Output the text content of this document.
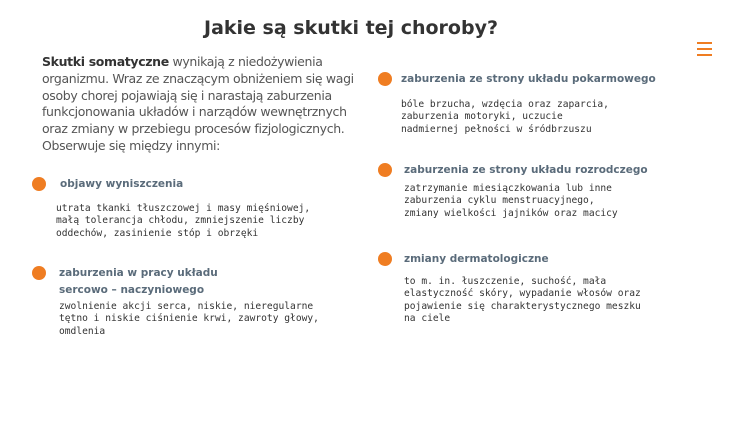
Jakie są skutki tej choroby?
Skutki somatyczne wynikają z niedożywienia organizmu. Wraz ze znaczącym obniżeniem się wagi osoby chorej pojawiają się i narastają zaburzenia funkcjonowania układów i narządów wewnętrznych oraz zmiany w przebiegu procesów fizjologicznych. Obserwuje się między innymi:
objawy wyniszczenia
utrata tkanki tłuszczowej i masy mięśniowej, małą tolerancja chłodu, zmniejszenie liczby oddechów, zasinienie stóp i obrzęki
zaburzenia w pracy układu sercowo – naczyniowego
zwolnienie akcji serca, niskie, nieregularne tętno i niskie ciśnienie krwi, zawroty głowy, omdlenia
zaburzenia ze strony układu pokarmowego
bóle brzucha, wzdęcia oraz zaparcia, zaburzenia motoryki, uczucie nadmiernej pełności w śródbrzuszu
zaburzenia ze strony układu rozrodczego
zatrzymanie miesiączkowania lub inne zaburzenia cyklu menstruacyjnego, zmiany wielkości jajników oraz macicy
zmiany dermatologiczne
to m. in. łuszczenie, suchość, mała elastyczność skóry, wypadanie włosów oraz pojawienie się charakterystycznego meszku na ciele
